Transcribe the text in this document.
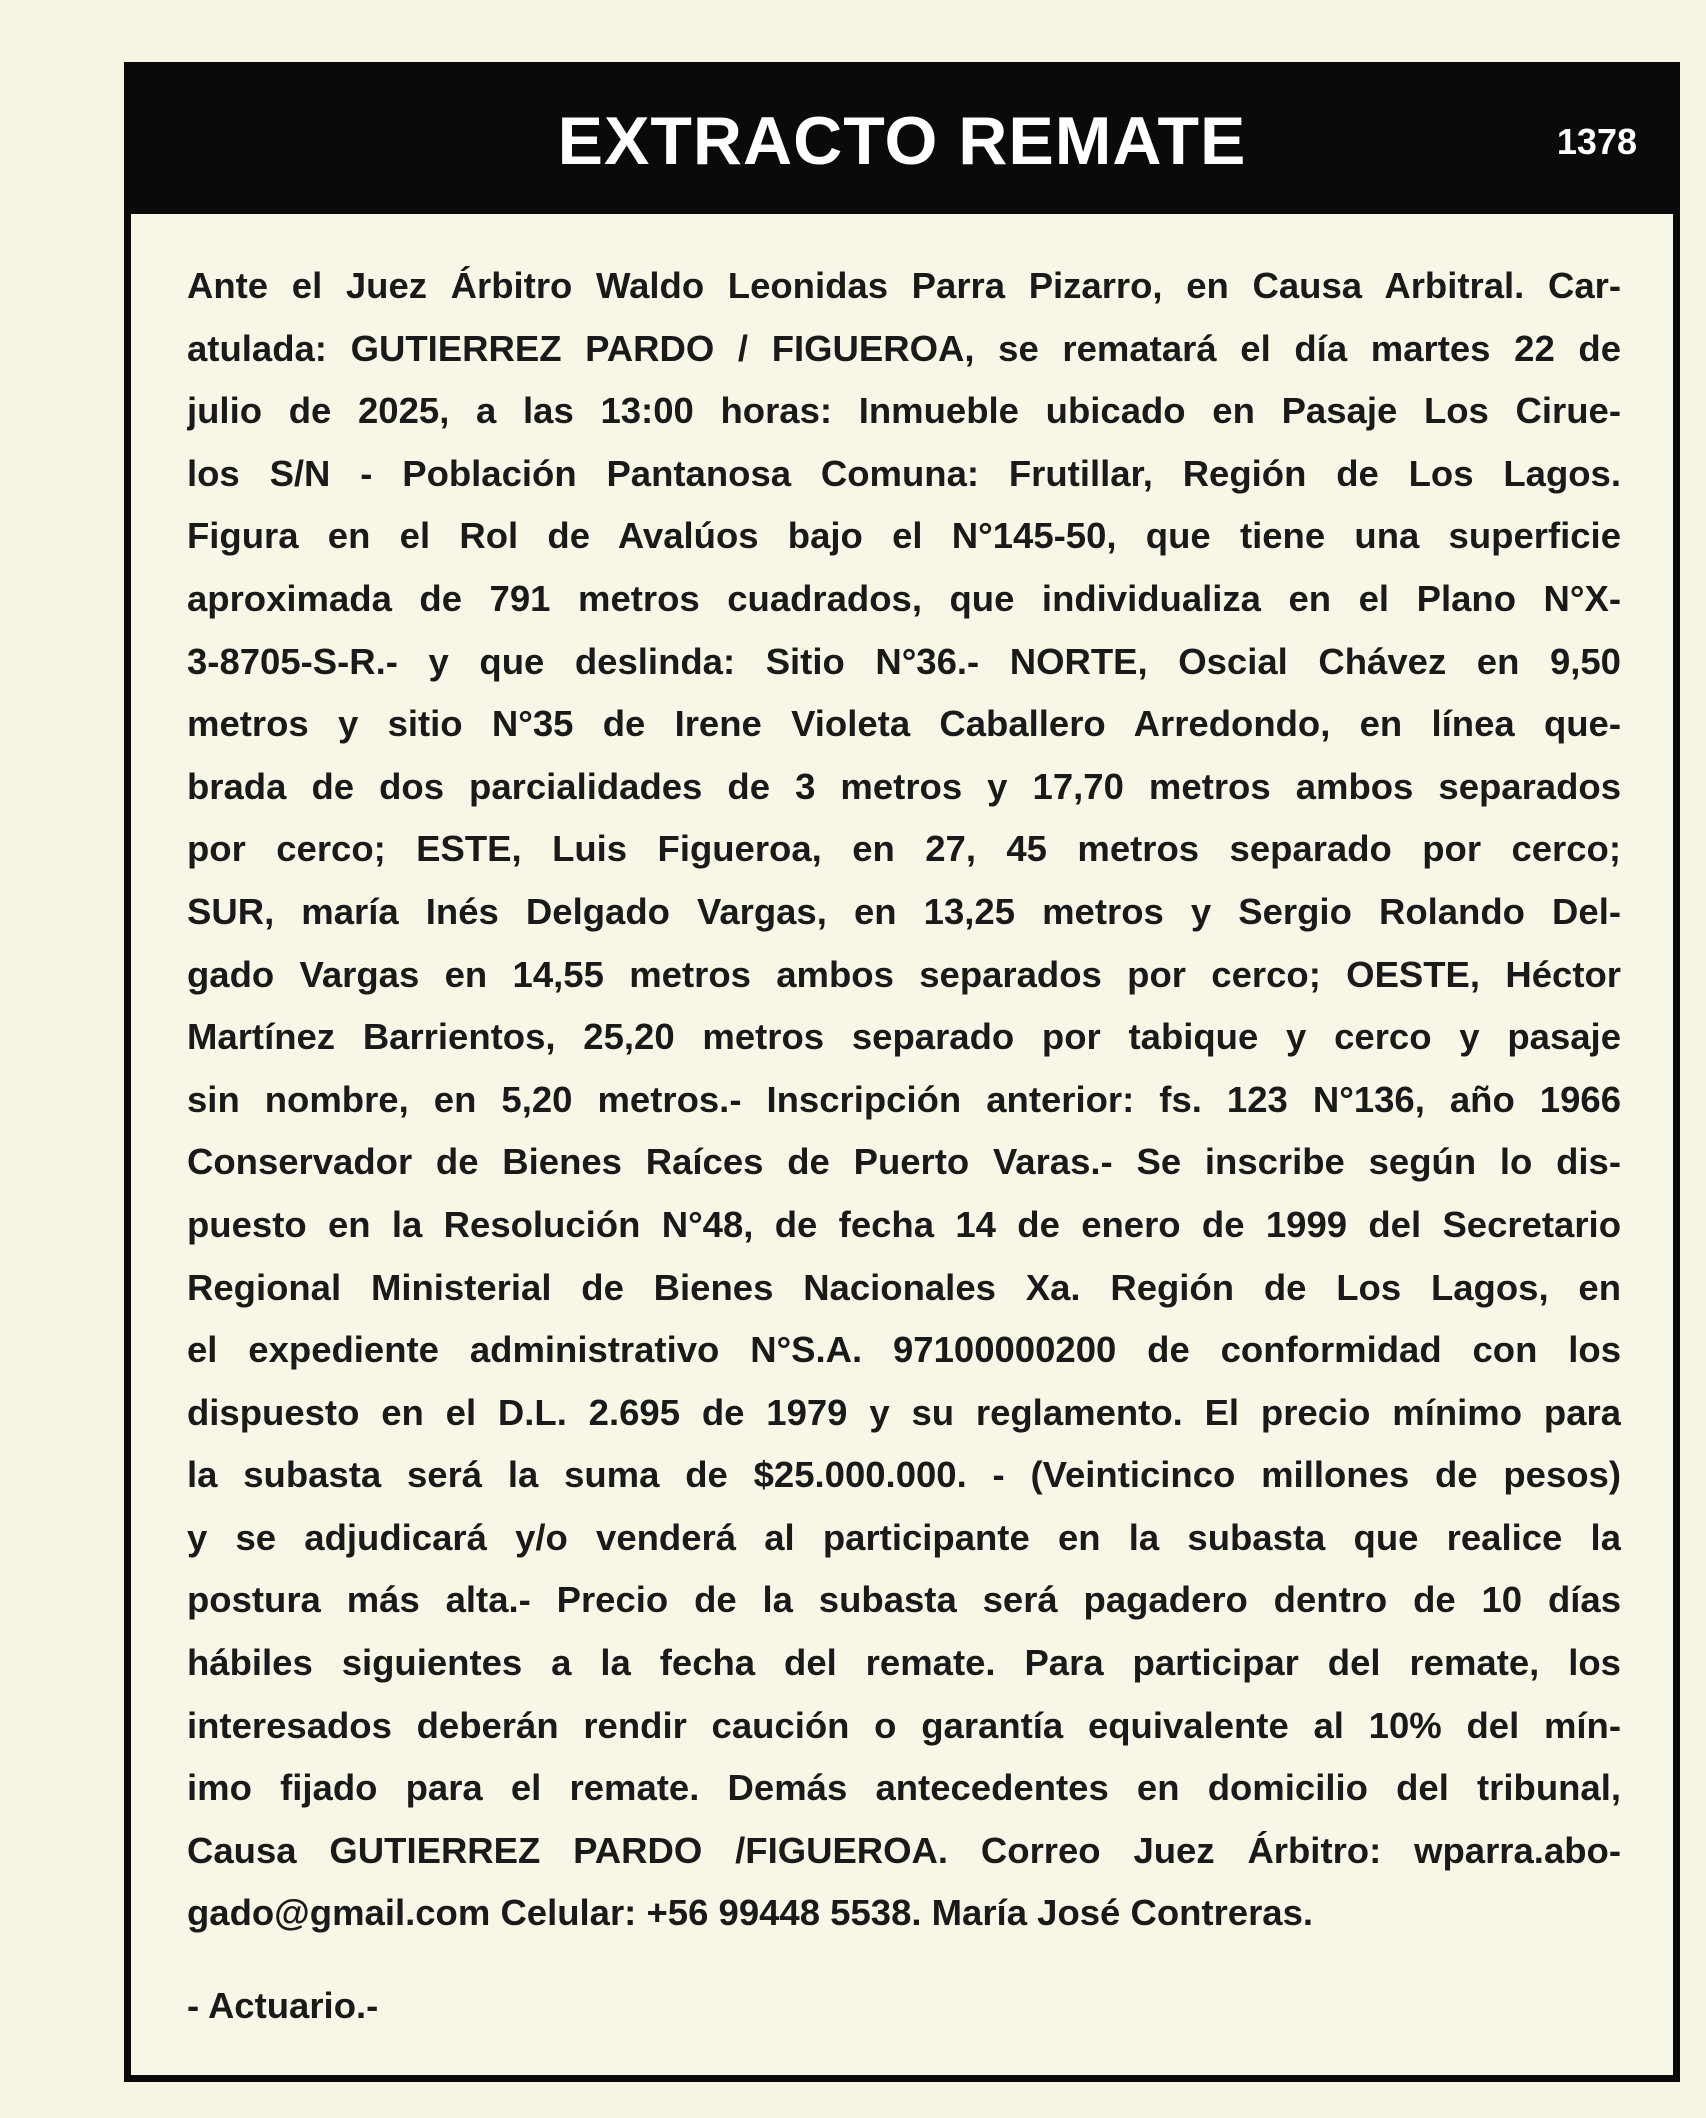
EXTRACTO REMATE	1378
Ante el Juez Árbitro Waldo Leonidas Parra Pizarro, en Causa Arbitral. Car-
atulada: GUTIERREZ PARDO / FIGUEROA, se rematará el día martes 22 de
julio de 2025, a las 13:00 horas: Inmueble ubicado en Pasaje Los Ciruе-
los S/N - Población Pantanosa Comuna: Frutillar, Región de Los Lagos.
Figura en el Rol de Avalúos bajo el N°145-50, que tiene una superficie
aproximada de 791 metros cuadrados, que individualiza en el Plano N°X-
3-8705-S-R.- y que deslinda: Sitio N°36.- NORTE, Oscial Chávez en 9,50
metros y sitio N°35 de Irene Violeta Caballero Arredondo, en línea que-
brada de dos parcialidades de 3 metros y 17,70 metros ambos separados
por cerco; ESTE, Luis Figueroa, en 27, 45 metros separado por cerco;
SUR, maría Inés Delgado Vargas, en 13,25 metros y Sergio Rolando Del-
gado Vargas en 14,55 metros ambos separados por cerco; OESTE, Héctor
Martínez Barrientos, 25,20 metros separado por tabique y cerco y pasaje
sin nombre, en 5,20 metros.- Inscripción anterior: fs. 123 N°136, año 1966
Conservador de Bienes Raíces de Puerto Varas.- Se inscribe según lo dis-
puesto en la Resolución N°48, de fecha 14 de enero de 1999 del Secretario
Regional Ministerial de Bienes Nacionales Xa. Región de Los Lagos, en
el expediente administrativo N°S.A. 97100000200 de conformidad con los
dispuesto en el D.L. 2.695 de 1979 y su reglamento. El precio mínimo para
la subasta será la suma de $25.000.000. - (Veinticinco millones de pesos)
y se adjudicará y/o venderá al participante en la subasta que realice la
postura más alta.- Precio de la subasta será pagadero dentro de 10 días
hábiles siguientes a la fecha del remate. Para participar del remate, los
interesados deberán rendir caución o garantía equivalente al 10% del mín-
imo fijado para el remate. Demás antecedentes en domicilio del tribunal,
Causa GUTIERREZ PARDO /FIGUEROA. Correo Juez Árbitro: wparra.abo-
gado@gmail.com Celular: +56 99448 5538. María José Contreras.
- Actuario.-
